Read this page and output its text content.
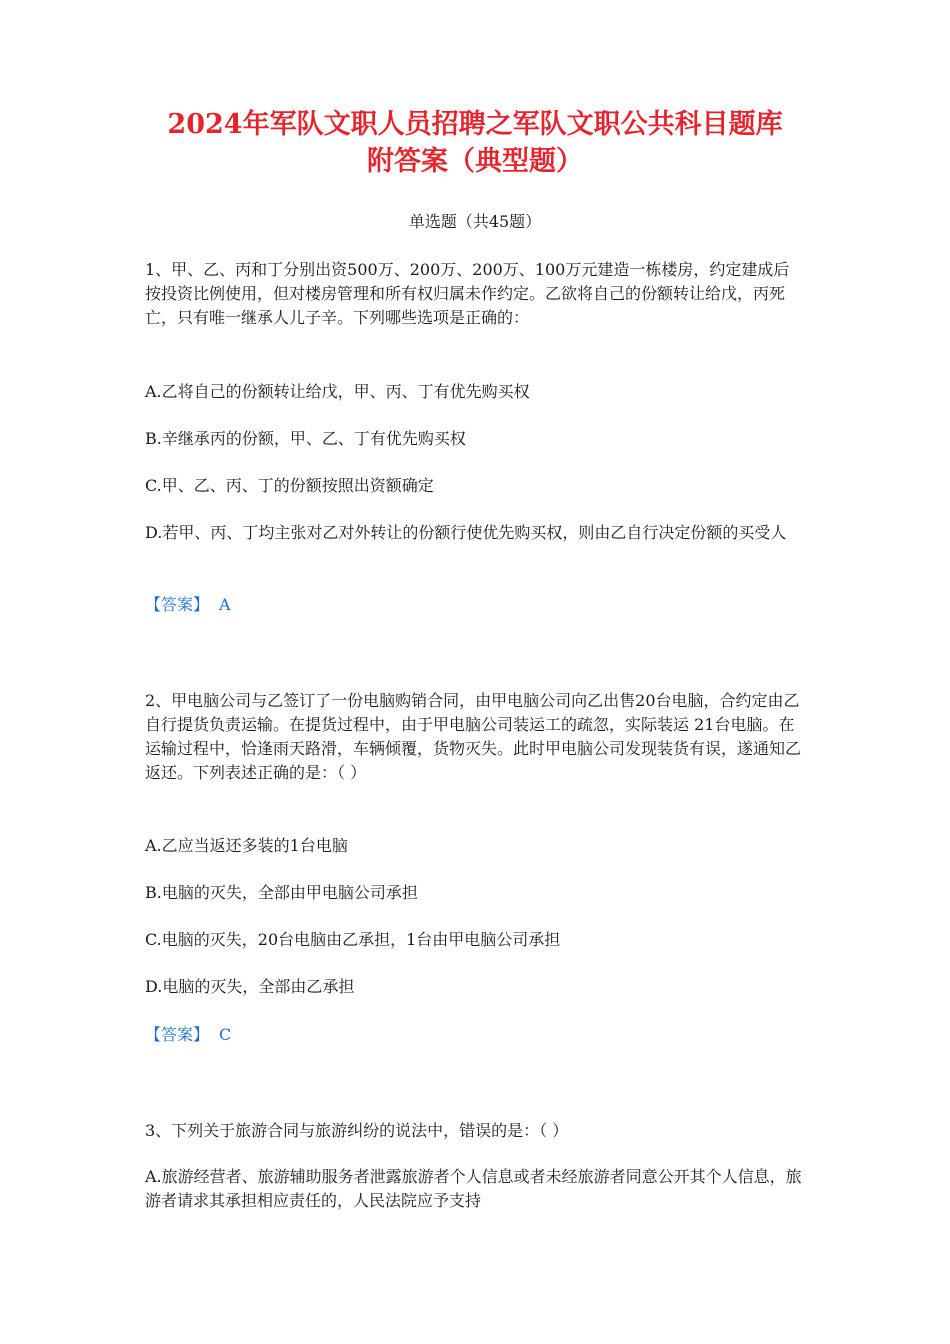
2024年军队文职人员招聘之军队文职公共科目题库
附答案（典型题）
单选题（共45题）
1、甲、乙、丙和丁分别出资500万、200万、200万、100万元建造一栋楼房，约定建成后按投资比例使用，但对楼房管理和所有权归属未作约定。乙欲将自己的份额转让给戊，丙死亡，只有唯一继承人儿子辛。下列哪些选项是正确的：
A.乙将自己的份额转让给戊，甲、丙、丁有优先购买权
B.辛继承丙的份额，甲、乙、丁有优先购买权
C.甲、乙、丙、丁的份额按照出资额确定
D.若甲、丙、丁均主张对乙对外转让的份额行使优先购买权，则由乙自行决定份额的买受人
【答案】 A
2、甲电脑公司与乙签订了一份电脑购销合同，由甲电脑公司向乙出售20台电脑，合约定由乙自行提货负责运输。在提货过程中，由于甲电脑公司装运工的疏忽，实际装运 21台电脑。在运输过程中，恰逢雨天路滑，车辆倾覆，货物灭失。此时甲电脑公司发现装货有误，遂通知乙返还。下列表述正确的是：（ ）
A.乙应当返还多装的1台电脑
B.电脑的灭失，全部由甲电脑公司承担
C.电脑的灭失，20台电脑由乙承担，1台由甲电脑公司承担
D.电脑的灭失，全部由乙承担
【答案】 C
3、下列关于旅游合同与旅游纠纷的说法中，错误的是：（ ）
A.旅游经营者、旅游辅助服务者泄露旅游者个人信息或者未经旅游者同意公开其个人信息，旅游者请求其承担相应责任的，人民法院应予支持
